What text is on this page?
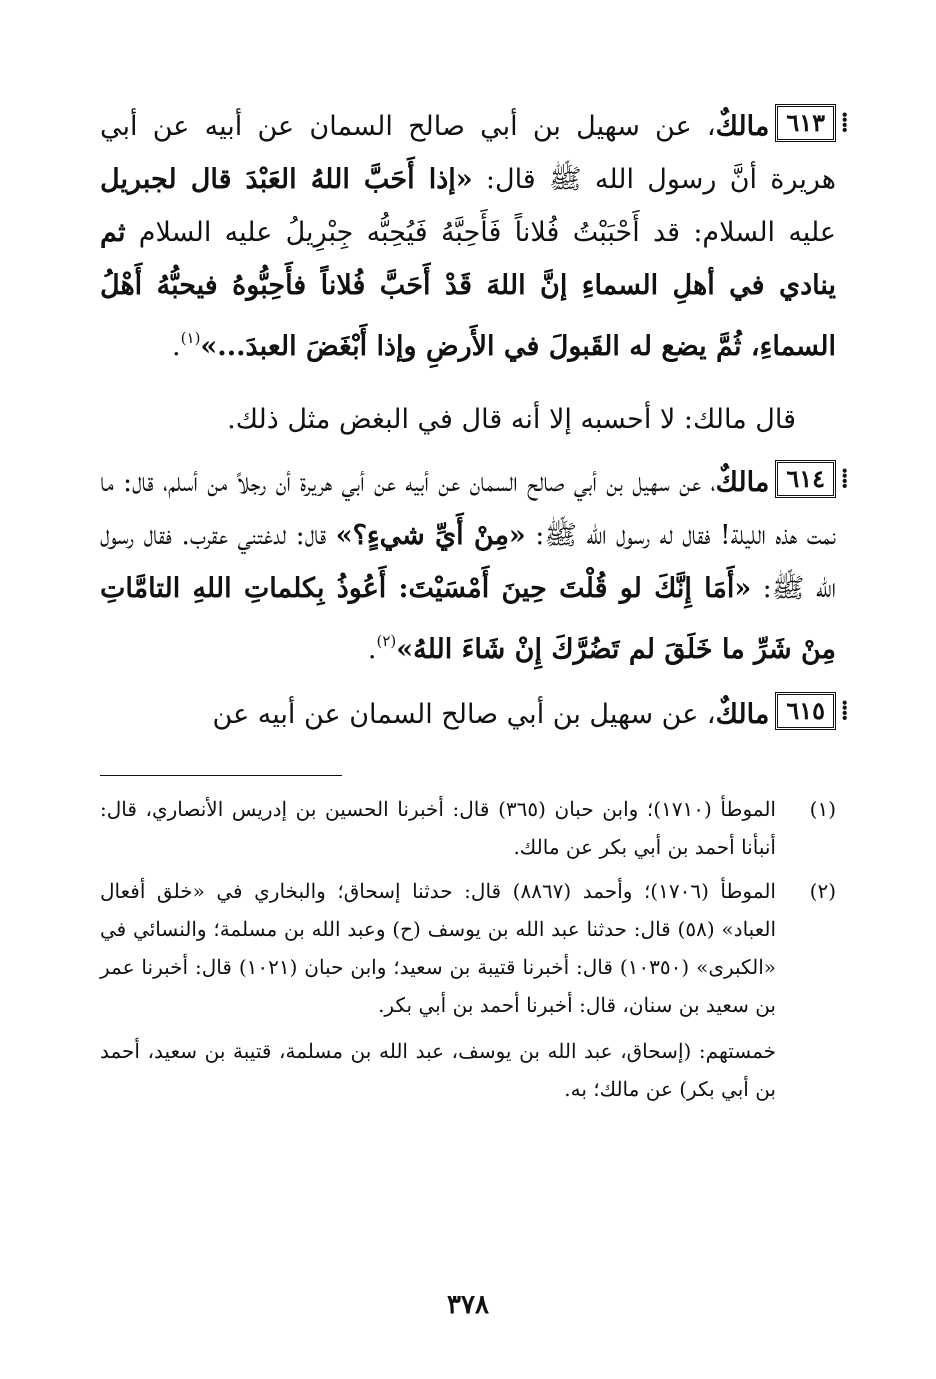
⁞ ٦١٣مالكٌ، عن سهيل بن أبي صالح السمان عن أبيه عن أبي هريرة أنَّ رسول الله ﷺ قال: «إذا أَحَبَّ اللهُ العَبْدَ قال لجبريل عليه السلام: قد أَحْبَبْتُ فُلاناً فَأَحِبَّهُ فَيُحِبُّه جِبْرِيلُ عليه السلام ثم ينادي في أهلِ السماءِ إنَّ اللهَ قَدْ أَحَبَّ فُلاناً فأَحِبُّوهُ فيحبُّهُ أَهْلُ السماءِ، ثُمَّ يضع له القَبولَ في الأَرضِ وإذا أَبْغَضَ العبدَ...»$^{(١)}$.

قال مالك: لا أحسبه إلا أنه قال في البغض مثل ذلك.

⁞ ٦١٤مالكٌ، عن سهيل بن أبي صالح السمان عن أبيه عن أبي هريرة أن رجلاً من أسلم، قال: ما نمت هذه الليلة! فقال له رسول الله ﷺ: «مِنْ أَيِّ شيءٍ؟» قال: لدغتني عقرب. فقال رسول الله ﷺ: «أَمَا إِنَّكَ لو قُلْتَ حِينَ أَمْسَيْتَ: أَعُوذُ بِكلماتِ اللهِ التامَّاتِ مِنْ شَرِّ ما خَلَقَ لم تَضُرَّكَ إِنْ شَاءَ اللهُ»$^{(٢)}$.

⁞ ٦١٥مالكٌ، عن سهيل بن أبي صالح السمان عن أبيه عن

(١)
الموطأ (١٧١٠)؛ وابن حبان (٣٦٥) قال: أخبرنا الحسين بن إدريس الأنصاري، قال: أنبأنا أحمد بن أبي بكر عن مالك.
(٢)
الموطأ (١٧٠٦)؛ وأحمد (٨٨٦٧) قال: حدثنا إسحاق؛ والبخاري في «خلق أفعال العباد» (٥٨) قال: حدثنا عبد الله بن يوسف (ح) وعبد الله بن مسلمة؛ والنسائي في «الكبرى» (١٠٣٥٠) قال: أخبرنا قتيبة بن سعيد؛ وابن حبان (١٠٢١) قال: أخبرنا عمر بن سعيد بن سنان، قال: أخبرنا أحمد بن أبي بكر.

خمستهم: (إسحاق، عبد الله بن يوسف، عبد الله بن مسلمة، قتيبة بن سعيد، أحمد بن أبي بكر) عن مالك؛ به.

٣٧٨
